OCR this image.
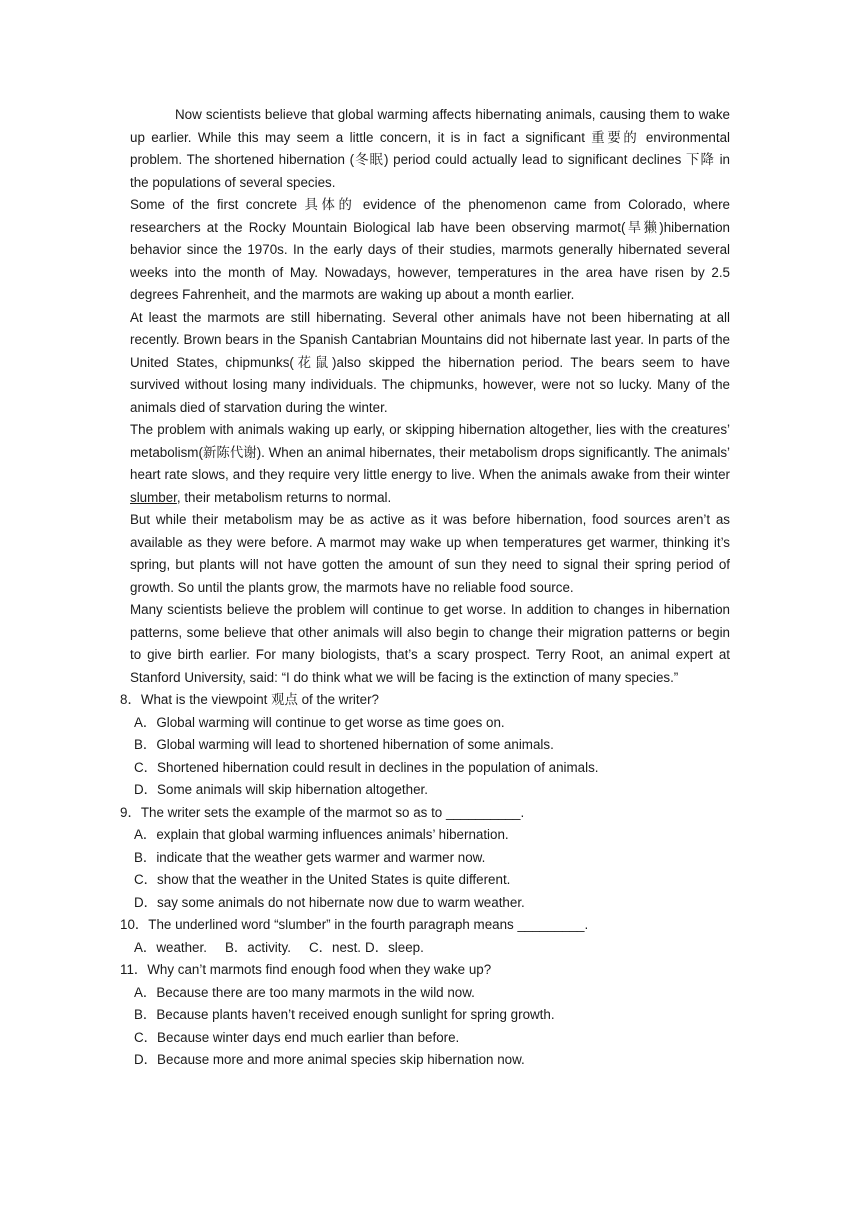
Now scientists believe that global warming affects hibernating animals, causing them to wake up earlier. While this may seem a little concern, it is in fact a significant 重要的 environmental problem. The shortened hibernation (冬眠) period could actually lead to significant declines 下降 in the populations of several species.

Some of the first concrete 具体的 evidence of the phenomenon came from Colorado, where researchers at the Rocky Mountain Biological lab have been observing marmot(旱獭)hibernation behavior since the 1970s. In the early days of their studies, marmots generally hibernated several weeks into the month of May. Nowadays, however, temperatures in the area have risen by 2.5 degrees Fahrenheit, and the marmots are waking up about a month earlier.

At least the marmots are still hibernating. Several other animals have not been hibernating at all recently. Brown bears in the Spanish Cantabrian Mountains did not hibernate last year. In parts of the United States, chipmunks(花鼠)also skipped the hibernation period. The bears seem to have survived without losing many individuals. The chipmunks, however, were not so lucky. Many of the animals died of starvation during the winter.

The problem with animals waking up early, or skipping hibernation altogether, lies with the creatures’ metabolism(新陈代谢). When an animal hibernates, their metabolism drops significantly. The animals’ heart rate slows, and they require very little energy to live. When the animals awake from their winter slumber, their metabolism returns to normal.

But while their metabolism may be as active as it was before hibernation, food sources aren’t as available as they were before. A marmot may wake up when temperatures get warmer, thinking it’s spring, but plants will not have gotten the amount of sun they need to signal their spring period of growth. So until the plants grow, the marmots have no reliable food source.

Many scientists believe the problem will continue to get worse. In addition to changes in hibernation patterns, some believe that other animals will also begin to change their migration patterns or begin to give birth earlier. For many biologists, that’s a scary prospect. Terry Root, an animal expert at Stanford University, said: “I do think what we will be facing is the extinction of many species.”

8．What is the viewpoint 观点 of the writer?

A．Global warming will continue to get worse as time goes on.

B．Global warming will lead to shortened hibernation of some animals.

C．Shortened hibernation could result in declines in the population of animals.

D．Some animals will skip hibernation altogether.

9．The writer sets the example of the marmot so as to __________.

A．explain that global warming influences animals’ hibernation.

B．indicate that the weather gets warmer and warmer now.

C．show that the weather in the United States is quite different.

D．say some animals do not hibernate now due to warm weather.

10．The underlined word “slumber” in the fourth paragraph means _________.

A．weather. B．activity. C．nest. D．sleep.

11．Why can’t marmots find enough food when they wake up?

A．Because there are too many marmots in the wild now.

B．Because plants haven’t received enough sunlight for spring growth.

C．Because winter days end much earlier than before.

D．Because more and more animal species skip hibernation now.
